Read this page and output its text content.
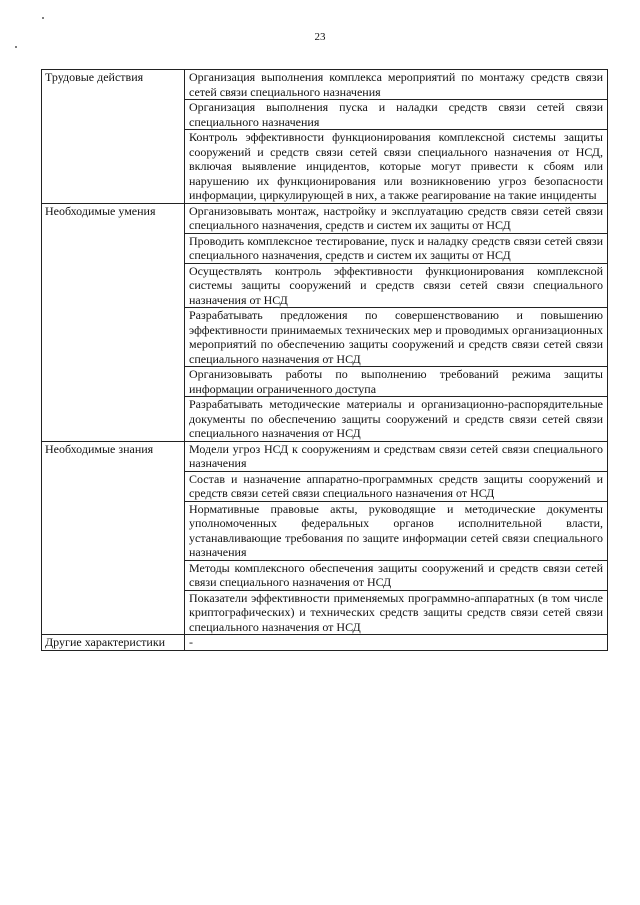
23
Трудовые действия	Организация выполнения комплекса мероприятий по монтажу средств связи сетей связи специального назначения
	Организация выполнения пуска и наладки средств связи сетей связи специального назначения
	Контроль эффективности функционирования комплексной системы защиты сооружений и средств связи сетей связи специального назначения от НСД, включая выявление инцидентов, которые могут привести к сбоям или нарушению их функционирования или возникновению угроз безопасности информации, циркулирующей в них, а также реагирование на такие инциденты
Необходимые умения	Организовывать монтаж, настройку и эксплуатацию средств связи сетей связи специального назначения, средств и систем их защиты от НСД
	Проводить комплексное тестирование, пуск и наладку средств связи сетей связи специального назначения, средств и систем их защиты от НСД
	Осуществлять контроль эффективности функционирования комплексной системы защиты сооружений и средств связи сетей связи специального назначения от НСД
	Разрабатывать предложения по совершенствованию и повышению эффективности принимаемых технических мер и проводимых организационных мероприятий по обеспечению защиты сооружений и средств связи сетей связи специального назначения от НСД
	Организовывать работы по выполнению требований режима защиты информации ограниченного доступа
	Разрабатывать методические материалы и организационно-распорядительные документы по обеспечению защиты сооружений и средств связи сетей связи специального назначения от НСД
Необходимые знания	Модели угроз НСД к сооружениям и средствам связи сетей связи специального назначения
	Состав и назначение аппаратно-программных средств защиты сооружений и средств связи сетей связи специального назначения от НСД
	Нормативные правовые акты, руководящие и методические документы уполномоченных федеральных органов исполнительной власти, устанавливающие требования по защите информации сетей связи специального назначения
	Методы комплексного обеспечения защиты сооружений и средств связи сетей связи специального назначения от НСД
	Показатели эффективности применяемых программно-аппаратных (в том числе криптографических) и технических средств защиты средств связи сетей связи специального назначения от НСД
Другие характеристики	-
